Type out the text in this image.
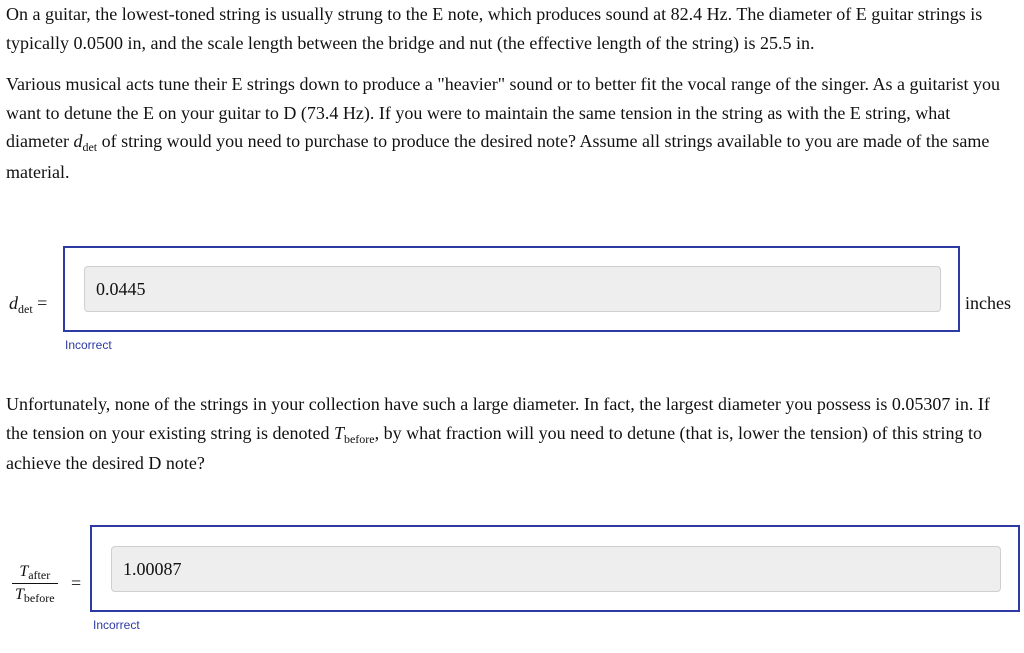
On a guitar, the lowest-toned string is usually strung to the E note, which produces sound at 82.4 Hz. The diameter of E guitar strings is typically 0.0500 in, and the scale length between the bridge and nut (the effective length of the string) is 25.5 in.

Various musical acts tune their E strings down to produce a "heavier" sound or to better fit the vocal range of the singer. As a guitarist you want to detune the E on your guitar to D (73.4 Hz). If you were to maintain the same tension in the string as with the E string, what diameter $d_{det}$ of string would you need to purchase to produce the desired note? Assume all strings available to you are made of the same material.

$d_{det}$ =
0.0445
inches
Incorrect

Unfortunately, none of the strings in your collection have such a large diameter. In fact, the largest diameter you possess is 0.05307 in. If the tension on your existing string is denoted $T_{before}$, by what fraction will you need to detune (that is, lower the tension) of this string to achieve the desired D note?

Tafter
Tbefore
=
1.00087
Incorrect
